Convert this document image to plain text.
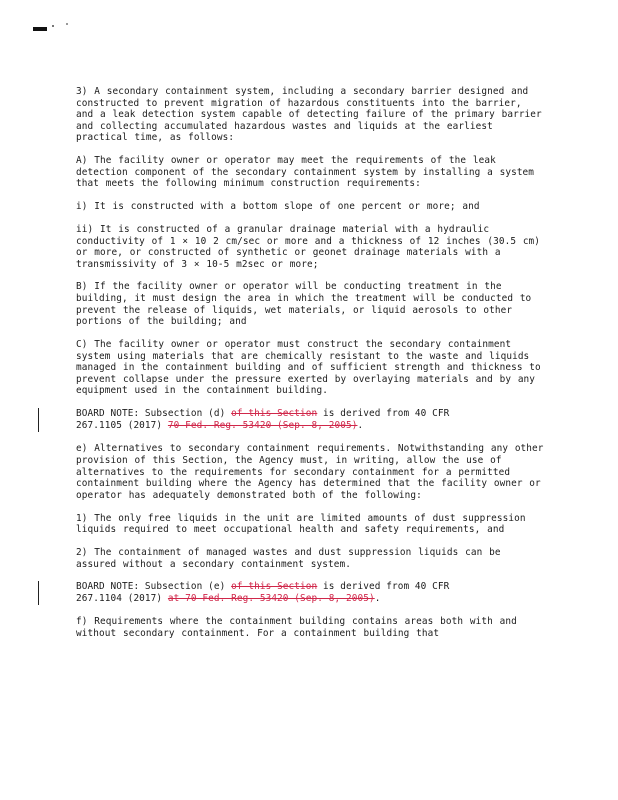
3) A secondary containment system, including a secondary barrier designed and constructed to prevent migration of hazardous constituents into the barrier, and a leak detection system capable of detecting failure of the primary barrier and collecting accumulated hazardous wastes and liquids at the earliest practical time, as follows:

A) The facility owner or operator may meet the requirements of the leak detection component of the secondary containment system by installing a system that meets the following minimum construction requirements:

i) It is constructed with a bottom slope of one percent or more; and

ii) It is constructed of a granular drainage material with a hydraulic conductivity of 1 × 10 2 cm/sec or more and a thickness of 12 inches (30.5 cm) or more, or constructed of synthetic or geonet drainage materials with a transmissivity of 3 × 10-5 m2sec or more;

B) If the facility owner or operator will be conducting treatment in the building, it must design the area in which the treatment will be conducted to prevent the release of liquids, wet materials, or liquid aerosols to other portions of the building; and

C) The facility owner or operator must construct the secondary containment system using materials that are chemically resistant to the waste and liquids managed in the containment building and of sufficient strength and thickness to prevent collapse under the pressure exerted by overlaying materials and by any equipment used in the containment building.

BOARD NOTE: Subsection (d) of this Section is derived from 40 CFR
267.1105 (2017) 70 Fed. Reg. 53420 (Sep. 8, 2005).

e) Alternatives to secondary containment requirements. Notwithstanding any other provision of this Section, the Agency must, in writing, allow the use of alternatives to the requirements for secondary containment for a permitted containment building where the Agency has determined that the facility owner or operator has adequately demonstrated both of the following:

1) The only free liquids in the unit are limited amounts of dust suppression liquids required to meet occupational health and safety requirements, and

2) The containment of managed wastes and dust suppression liquids can be assured without a secondary containment system.

BOARD NOTE: Subsection (e) of this Section is derived from 40 CFR
267.1104 (2017) at 70 Fed. Reg. 53420 (Sep. 8, 2005).

f) Requirements where the containment building contains areas both with and without secondary containment. For a containment building that
